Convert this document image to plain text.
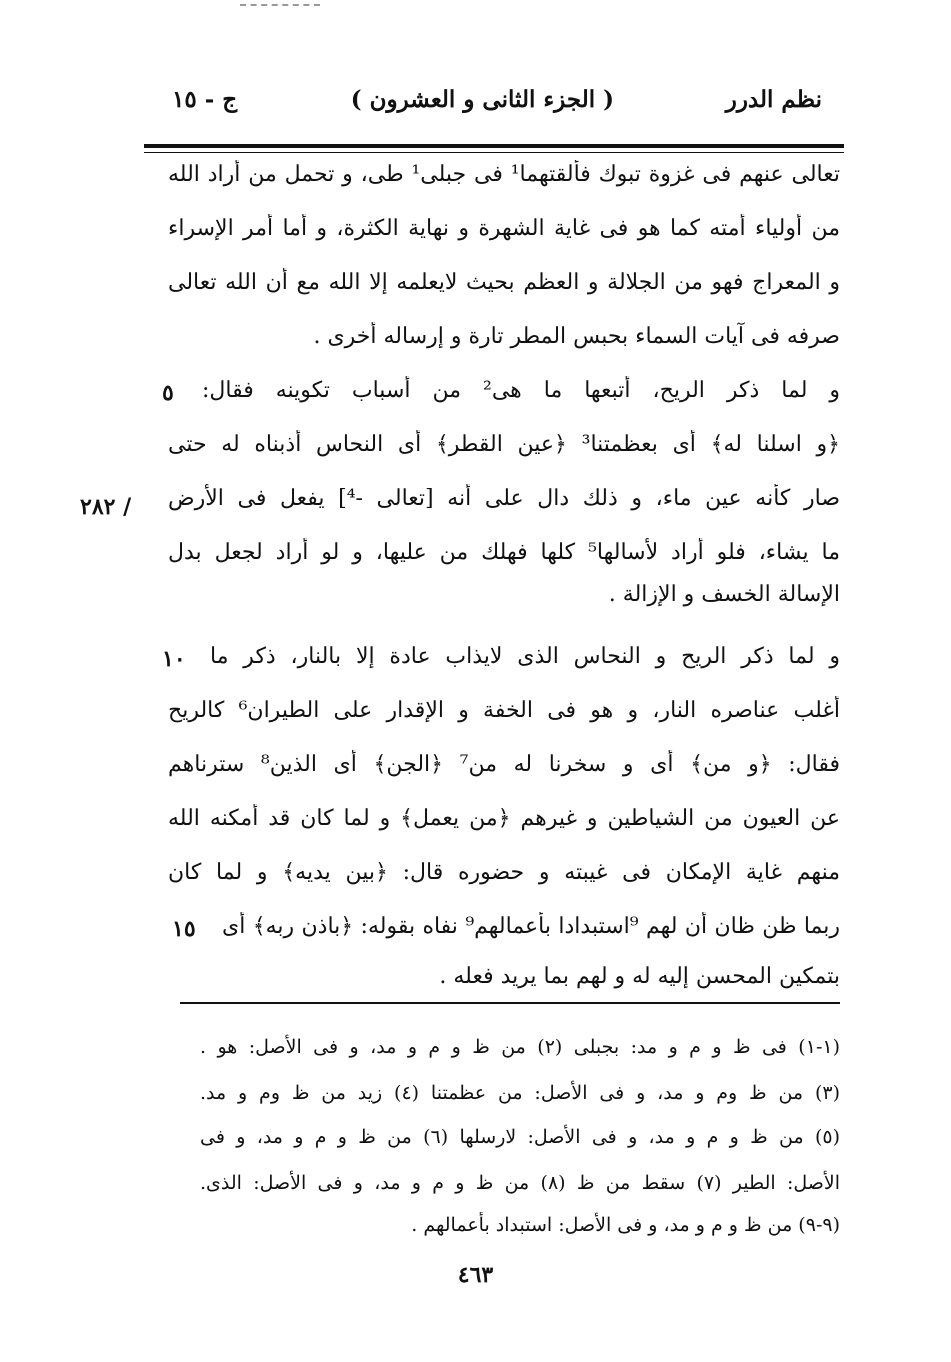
نظم الدرر
( الجزء الثانى و العشرون )
ج - ١٥
تعالى عنهم فى غزوة تبوك فألقتهما¹ فى جبلى¹ طى، و تحمل من أراد الله
من أولياء أمته كما هو فى غاية الشهرة و نهاية الكثرة، و أما أمر الإسراء
و المعراج فهو من الجلالة و العظم بحيث لايعلمه إلا الله مع أن الله تعالى
صرفه فى آيات السماء بحبس المطر تارة و إرساله أخرى .
و لما ذكر الريح، أتبعها ما هى² من أسباب تكوينه فقال:
﴿و اسلنا له﴾ أى بعظمتنا³ ﴿عين القطر﴾ أى النحاس أذبناه له حتى
صار كأنه عين ماء، و ذلك دال على أنه [تعالى -⁴] يفعل فى الأرض
ما يشاء، فلو أراد لأسالها⁵ كلها فهلك من عليها، و لو أراد لجعل بدل
الإسالة الخسف و الإزالة .
و لما ذكر الريح و النحاس الذى لايذاب عادة إلا بالنار، ذكر ما
أغلب عناصره النار، و هو فى الخفة و الإقدار على الطيران⁶ كالريح
فقال: ﴿و من﴾ أى و سخرنا له من⁷ ﴿الجن﴾ أى الذين⁸ سترناهم
عن العيون من الشياطين و غيرهم ﴿من يعمل﴾ و لما كان قد أمكنه الله
منهم غاية الإمكان فى غيبته و حضوره قال: ﴿بين يديه﴾ و لما كان
ربما ظن ظان أن لهم ⁹استبدادا بأعمالهم⁹ نفاه بقوله: ﴿باذن ربه﴾ أى
بتمكين المحسن إليه له و لهم بما يريد فعله .
٥
١٠
١٥
/ ٢٨٢
(١-١) فى ظ و م و مد: بجبلى (٢) من ظ و م و مد، و فى الأصل: هو .
(٣) من ظ وم و مد، و فى الأصل: من عظمتنا (٤) زيد من ظ وم و مد.
(٥) من ظ و م و مد، و فى الأصل: لارسلها (٦) من ظ و م و مد، و فى
الأصل: الطير (٧) سقط من ظ (٨) من ظ و م و مد، و فى الأصل: الذى.
(٩-٩) من ظ و م و مد، و فى الأصل: استبداد بأعمالهم .
٤٦٣
